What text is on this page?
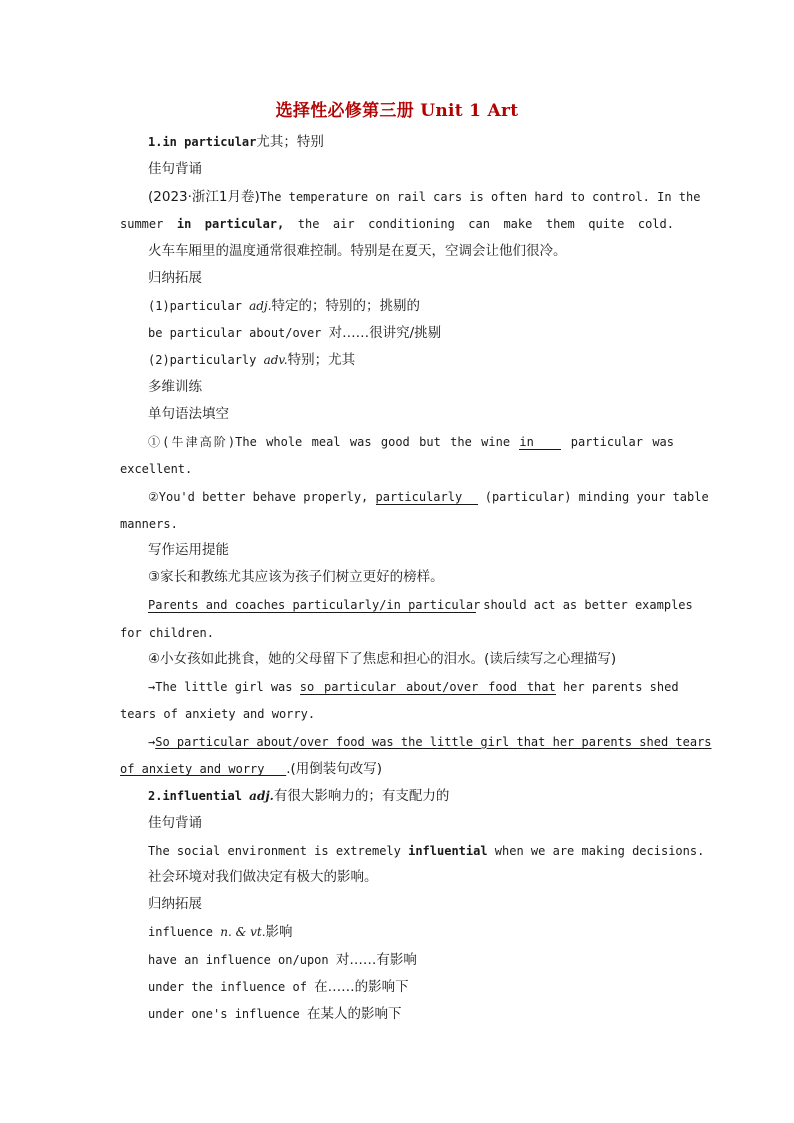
选择性必修第三册 Unit 1 Art
1.in particular尤其；特别
佳句背诵
(2023·浙江1月卷)The temperature on rail cars is often hard to control. In the
summer in particular, the air conditioning can make them quite cold.
火车车厢里的温度通常很难控制。特别是在夏天，空调会让他们很冷。
归纳拓展
(1)particular adj.特定的；特别的；挑剔的
be particular about/over 对……很讲究/挑剔
(2)particularly adv.特别；尤其
多维训练
单句语法填空
①(牛津高阶)The whole meal was good but the wine in particular was
excellent.
②You'd better behave properly, particularly (particular) minding your table
manners.
写作运用提能
③家长和教练尤其应该为孩子们树立更好的榜样。
Parents and coaches particularly/in particular should act as better examples
for children.
④小女孩如此挑食，她的父母留下了焦虑和担心的泪水。(读后续写之心理描写)
→The little girl was so particular about/over food that her parents shed
tears of anxiety and worry.
→So particular about/over food was the little girl that her parents shed tears
of anxiety and worry .(用倒装句改写)
2.influential adj.有很大影响力的；有支配力的
佳句背诵
The social environment is extremely influential when we are making decisions.
社会环境对我们做决定有极大的影响。
归纳拓展
influence n. & vt.影响
have an influence on/upon 对……有影响
under the influence of 在……的影响下
under one's influence 在某人的影响下
